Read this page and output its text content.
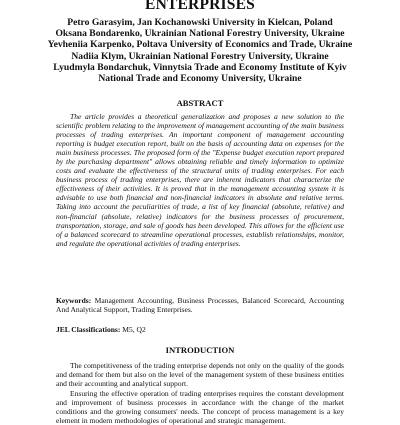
ENTERPRISES
Petro Garasyim, Jan Kochanowski University in Kielcan, Poland
Oksana Bondarenko, Ukrainian National Forestry University, Ukraine
Yevheniia Karpenko, Poltava University of Economics and Trade, Ukraine
Nadiia Klym, Ukrainian National Forestry University, Ukraine
Lyudmyla Bondarchuk, Vinnytsia Trade and Economy Institute of Kyiv
National Trade and Economy University, Ukraine
ABSTRACT

The article provides a theoretical generalization and proposes a new solution to the scientific problem relating to the improvement of management accounting of the main business processes of trading enterprises. An important component of management accounting reporting is budget execution report, built on the basis of accounting data on expenses for the main business processes. The proposed form of the "Expense budget execution report prepared by the purchasing department" allows obtaining reliable and timely information to optimize costs and evaluate the effectiveness of the structural units of trading enterprises. For each business process of trading enterprises, there are inherent indicators that characterize the effectiveness of their activities. It is proved that in the management accounting system it is advisable to use both financial and non-financial indicators in absolute and relative terms. Taking into account the peculiarities of trade, a list of key financial (absolute, relative) and non-financial (absolute, relative) indicators for the business processes of procurement, transportation, storage, and sale of goods has been developed. This allows for the efficient use of a balanced scorecard to streamline operational processes, establish relationships, monitor, and regulate the operational activities of trading enterprises.

Keywords: Management Accounting, Business Processes, Balanced Scorecard, Accounting And Analytical Support, Trading Enterprises.

JEL Classifications: M5, Q2

INTRODUCTION

The competitiveness of the trading enterprise depends not only on the quality of the goods and demand for them but also on the level of the management system of these business entities and their accounting and analytical support.

Ensuring the effective operation of trading enterprises requires the constant development and improvement of business processes in accordance with the change of the market conditions and the growing consumers' needs. The concept of process management is a key element in modern methodologies of operational and strategic management.
